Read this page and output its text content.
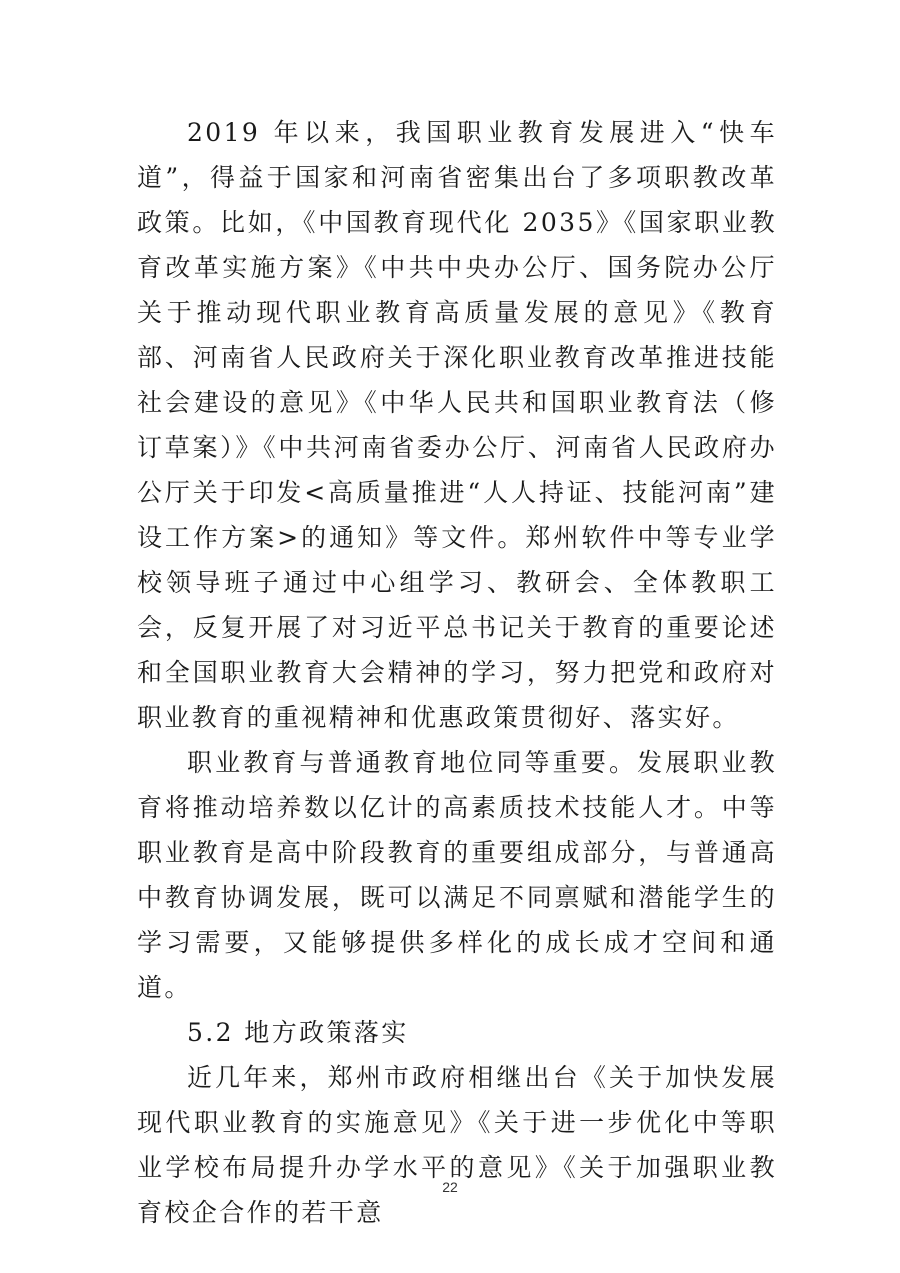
2019 年以来，我国职业教育发展进入“快车道”，得益于国家和河南省密集出台了多项职教改革政策。比如，《中国教育现代化 2035》《国家职业教育改革实施方案》《中共中央办公厅、国务院办公厅关于推动现代职业教育高质量发展的意见》《教育部、河南省人民政府关于深化职业教育改革推进技能社会建设的意见》《中华人民共和国职业教育法（修订草案）》《中共河南省委办公厅、河南省人民政府办公厅关于印发<高质量推进“人人持证、技能河南”建设工作方案>的通知》等文件。郑州软件中等专业学校领导班子通过中心组学习、教研会、全体教职工会，反复开展了对习近平总书记关于教育的重要论述和全国职业教育大会精神的学习，努力把党和政府对职业教育的重视精神和优惠政策贯彻好、落实好。

职业教育与普通教育地位同等重要。发展职业教育将推动培养数以亿计的高素质技术技能人才。中等职业教育是高中阶段教育的重要组成部分，与普通高中教育协调发展，既可以满足不同禀赋和潜能学生的学习需要，又能够提供多样化的成长成才空间和通道。

5.2 地方政策落实

近几年来，郑州市政府相继出台《关于加快发展现代职业教育的实施意见》《关于进一步优化中等职业学校布局提升办学水平的意见》《关于加强职业教育校企合作的若干意

22
